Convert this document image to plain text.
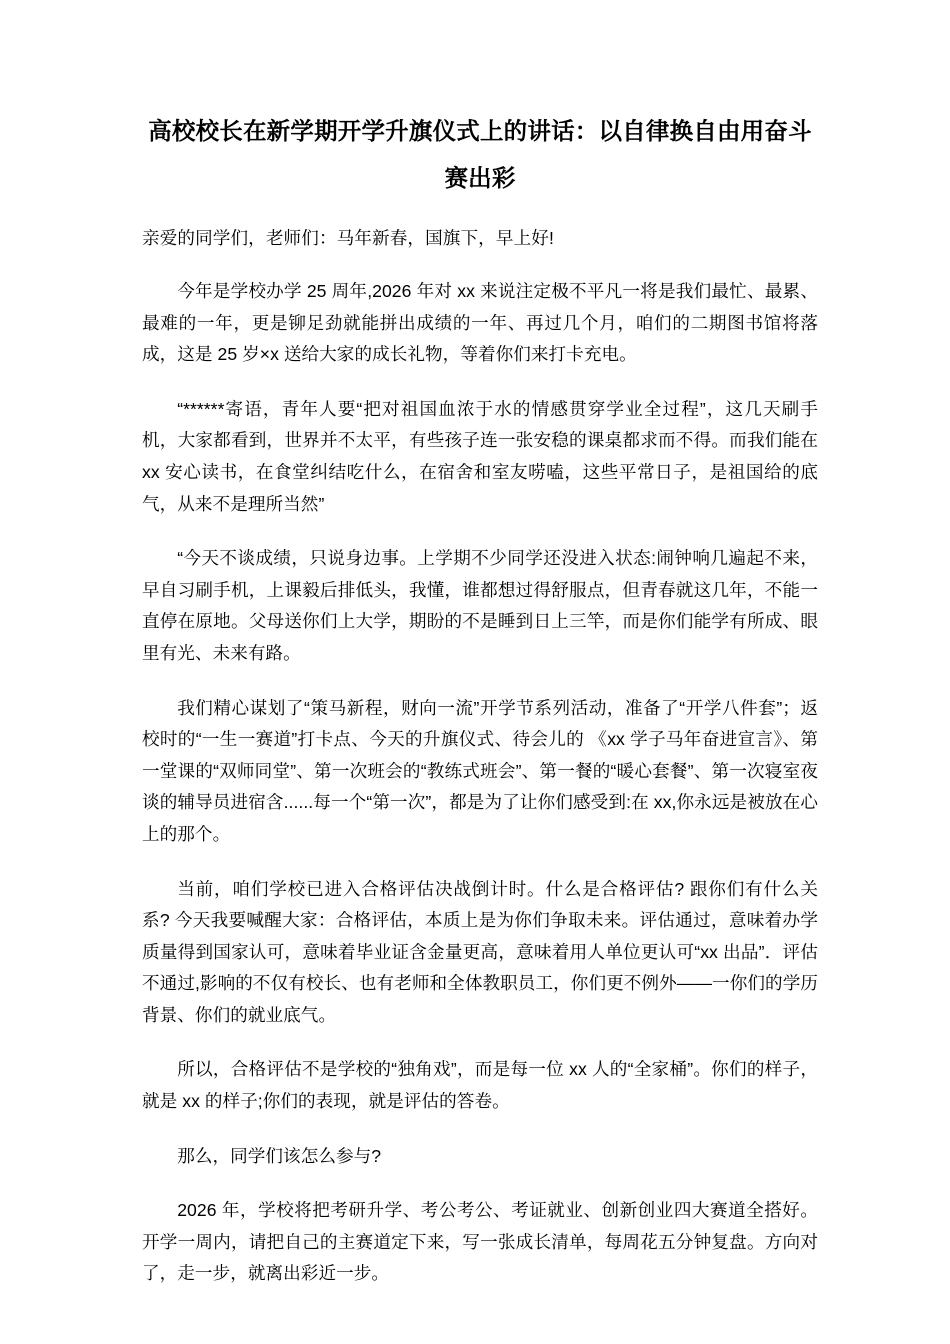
高校校长在新学期开学升旗仪式上的讲话：以自律换自由用奋斗赛出彩

亲爱的同学们，老师们：马年新春，国旗下，早上好!

今年是学校办学 25 周年,2026 年对 xx 来说注定极不平凡一将是我们最忙、最累、最难的一年，更是铆足劲就能拼出成绩的一年、再过几个月，咱们的二期图书馆将落成，这是 25 岁×x 送给大家的成长礼物，等着你们来打卡充电。

“******寄语，青年人要“把对祖国血浓于水的情感贯穿学业全过程”，这几天刷手机，大家都看到，世界并不太平，有些孩子连一张安稳的课桌都求而不得。而我们能在 xx 安心读书，在食堂纠结吃什么，在宿舍和室友唠嗑，这些平常日子，是祖国给的底气，从来不是理所当然”

“今天不谈成绩，只说身边事。上学期不少同学还没进入状态:闹钟响几遍起不来，早自习刷手机，上课毅后排低头，我懂，谁都想过得舒服点，但青春就这几年，不能一直停在原地。父母送你们上大学，期盼的不是睡到日上三竿，而是你们能学有所成、眼里有光、未来有路。

我们精心谋划了“策马新程，财向一流”开学节系列活动，准备了“开学八件套”；返校时的“一生一赛道”打卡点、今天的升旗仪式、待会儿的 《xx 学子马年奋进宣言》、第一堂课的“双师同堂”、第一次班会的“教练式班会”、第一餐的“暖心套餐”、第一次寝室夜谈的辅导员进宿含......每一个“第一次”，都是为了让你们感受到:在 xx,你永远是被放在心上的那个。

当前，咱们学校已进入合格评估决战倒计时。什么是合格评估? 跟你们有什么关系? 今天我要喊醒大家：合格评估，本质上是为你们争取未来。评估通过，意味着办学质量得到国家认可，意味着毕业证含金量更高，意味着用人单位更认可“xx 出品”．评估不通过,影响的不仅有校长、也有老师和全体教职员工，你们更不例外——一你们的学历背景、你们的就业底气。

所以，合格评估不是学校的“独角戏”，而是每一位 xx 人的“全家桶”。你们的样子，就是 xx 的样子;你们的表现，就是评估的答卷。

那么，同学们该怎么参与?

2026 年，学校将把考研升学、考公考公、考证就业、创新创业四大赛道全搭好。开学一周内，请把自己的主赛道定下来，写一张成长清单，每周花五分钟复盘。方向对了，走一步，就离出彩近一步。
